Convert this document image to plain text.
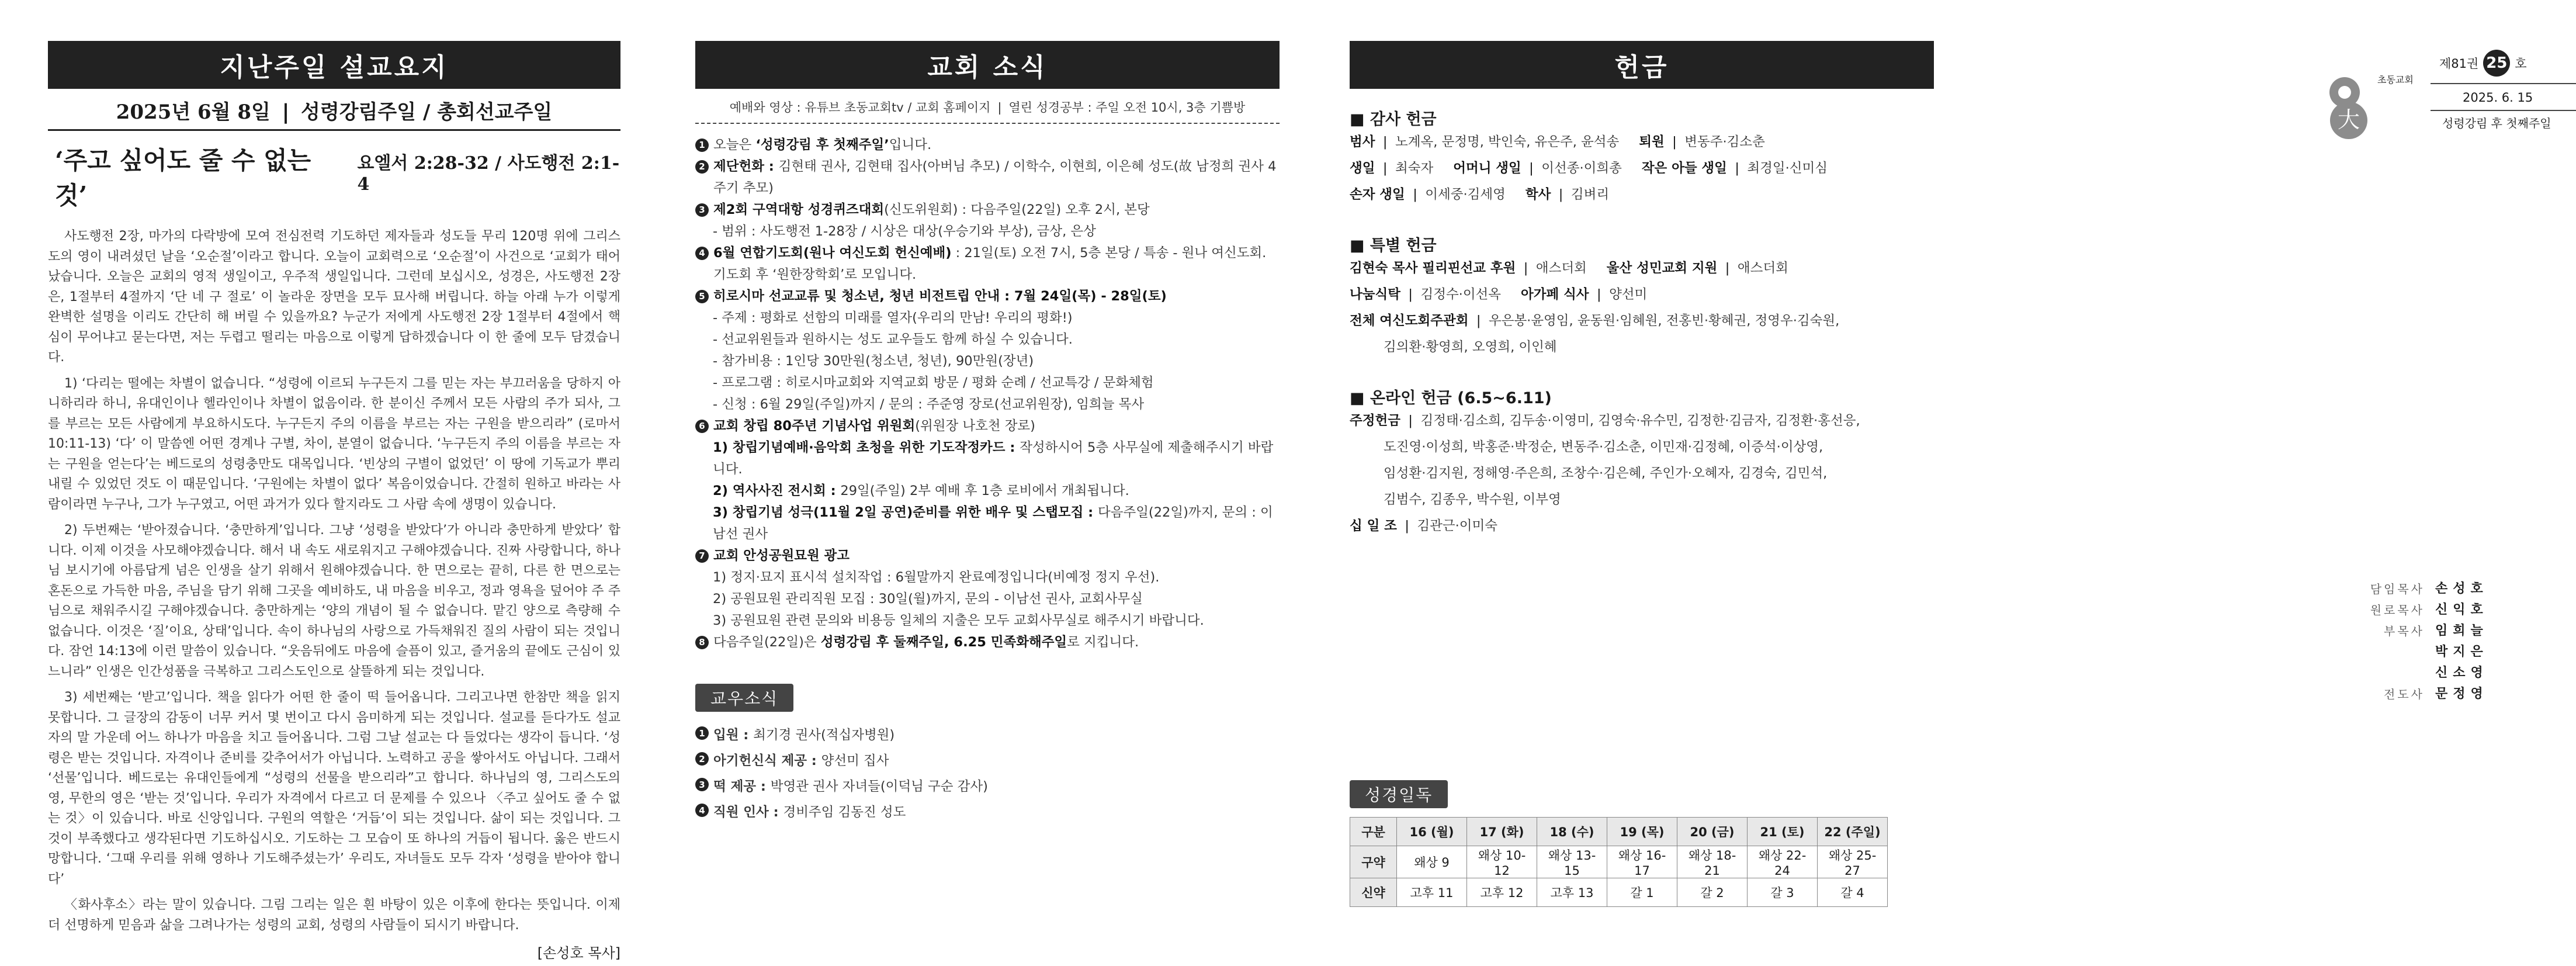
지난주일 설교요지
2025년 6월 8일 ❘ 성령강림주일 / 총회선교주일
‘주고 싶어도 줄 수 없는 것’
요엘서 2:28-32 / 사도행전 2:1-4

사도행전 2장, 마가의 다락방에 모여 전심전력 기도하던 제자들과 성도들 무리 120명 위에 그리스도의 영이 내려셨던 날을 ‘오순절’이라고 합니다. 오늘이 교회력으로 ‘오순절’이 사건으로 ‘교회가 태어났습니다. 오늘은 교회의 영적 생일이고, 우주적 생일입니다. 그런데 보십시오, 성경은, 사도행전 2장은, 1절부터 4절까지 ‘단 네 구 절로’ 이 놀라운 장면을 모두 묘사해 버립니다. 하늘 아래 누가 이렇게 완벽한 설명을 이리도 간단히 해 버릴 수 있을까요? 누군가 저에게 사도행전 2장 1절부터 4절에서 핵심이 무어냐고 묻는다면, 저는 두렵고 떨리는 마음으로 이렇게 답하겠습니다 이 한 줄에 모두 담겼습니다.

1) ‘다리는 떨에는 차별이 없습니다. “성령에 이르되 누구든지 그를 믿는 자는 부끄러움을 당하지 아니하리라 하니, 유대인이나 헬라인이나 차별이 없음이라. 한 분이신 주께서 모든 사람의 주가 되사, 그를 부르는 모든 사람에게 부요하시도다. 누구든지 주의 이름을 부르는 자는 구원을 받으리라” (로마서 10:11-13) ‘다’ 이 말씀엔 어떤 경계나 구별, 차이, 분열이 없습니다. ‘누구든지 주의 이름을 부르는 자는 구원을 얻는다’는 베드로의 성령충만도 대목입니다. ‘빈상의 구별이 없었던’ 이 땅에 기독교가 뿌리 내릴 수 있었던 것도 이 때문입니다. ‘구원에는 차별이 없다’ 복음이었습니다. 간절히 원하고 바라는 사람이라면 누구나, 그가 누구였고, 어떤 과거가 있다 할지라도 그 사람 속에 생명이 있습니다.

2) 두번째는 ‘받아졌습니다. ‘충만하게’입니다. 그냥 ‘성령을 받았다’가 아니라 충만하게 받았다’ 합니다. 이제 이것을 사모해야겠습니다. 해서 내 속도 새로워지고 구해야겠습니다. 진짜 사랑합니다, 하나님 보시기에 아름답게 넘은 인생을 살기 위해서 원해야겠습니다. 한 면으로는 끝히, 다른 한 면으로는 혼돈으로 가득한 마음, 주님을 담기 위해 그곳을 예비하도, 내 마음을 비우고, 정과 영욕을 덮어야 주 주님으로 채워주시길 구해야겠습니다. 충만하게는 ‘양의 개념이 될 수 없습니다. 맡긴 양으로 측량해 수 없습니다. 이것은 ‘질’이요, 상태’입니다. 속이 하나님의 사랑으로 가득채워진 질의 사람이 되는 것입니다. 잠언 14:13에 이런 말씀이 있습니다. “웃음뒤에도 마음에 슬픔이 있고, 즐거움의 끝에도 근심이 있느니라” 인생은 인간성품을 극복하고 그리스도인으로 살뜰하게 되는 것입니다.

3) 세번째는 ‘받고’입니다. 책을 읽다가 어떤 한 줄이 떡 들어옵니다. 그리고나면 한참만 책을 읽지 못합니다. 그 글장의 감동이 너무 커서 몇 번이고 다시 음미하게 되는 것입니다. 설교를 듣다가도 설교자의 말 가운데 어느 하나가 마음을 치고 들어옵니다. 그럼 그날 설교는 다 들었다는 생각이 듭니다. ‘성령은 받는 것입니다. 자격이나 준비를 갖추어서가 아닙니다. 노력하고 공을 쌓아서도 아닙니다. 그래서 ‘선물’입니다. 베드로는 유대인들에게 “성령의 선물을 받으리라”고 합니다. 하나님의 영, 그리스도의 영, 무한의 영은 ‘받는 것’입니다. 우리가 자격에서 다르고 더 문제를 수 있으나 〈주고 싶어도 줄 수 없는 것〉이 있습니다. 바로 신앙입니다. 구원의 역할은 ‘거듭’이 되는 것입니다. 삶이 되는 것입니다. 그것이 부족했다고 생각된다면 기도하십시오. 기도하는 그 모습이 또 하나의 거듭이 됩니다. 옳은 반드시 망합니다. ‘그때 우리를 위해 영하나 기도해주셨는가’ 우리도, 자녀들도 모두 각자 ‘성령을 받아야 합니다’

〈화사후소〉라는 말이 있습니다. 그림 그리는 일은 흰 바탕이 있은 이후에 한다는 뜻입니다. 이제 더 선명하게 믿음과 삶을 그려나가는 성령의 교회, 성령의 사람들이 되시기 바랍니다.

[손성호 목사]
교회 소식
예배와 영상 : 유튜브 초동교회tv / 교회 홈페이지 ❘ 열린 성경공부 : 주일 오전 10시, 3층 기쁨방
1 오늘은 ‘성령강림 후 첫째주일’입니다.
2 제단헌화 : 김현태 권사, 김현태 집사(아버님 추모) / 이학수, 이현희, 이은혜 성도(故 남정희 권사 4주기 추모)
3 제2회 구역대항 성경퀴즈대회(신도위원회) : 다음주일(22일) 오후 2시, 본당
- 범위 : 사도행전 1-28장 / 시상은 대상(우승기와 부상), 금상, 은상
4 6월 연합기도회(원나 여신도회 헌신예배) : 21일(토) 오전 7시, 5층 본당 / 특송 - 원나 여신도회. 기도회 후 ‘원한장학회’로 모입니다.
5 히로시마 선교교류 및 청소년, 청년 비전트립 안내 : 7월 24일(목) - 28일(토)
- 주제 : 평화로 선함의 미래를 열자(우리의 만남! 우리의 평화!)
- 선교위원들과 원하시는 성도 교우들도 함께 하실 수 있습니다.
- 참가비용 : 1인당 30만원(청소년, 청년), 90만원(장년)
- 프로그램 : 히로시마교회와 지역교회 방문 / 평화 순례 / 선교특강 / 문화체험
- 신청 : 6월 29일(주일)까지 / 문의 : 주준영 장로(선교위원장), 임희늘 목사
6 교회 창립 80주년 기념사업 위원회(위원장 나호천 장로)
1) 창립기념예배·음악회 초청을 위한 기도작정카드 : 작성하시어 5층 사무실에 제출해주시기 바랍니다.
2) 역사사진 전시회 : 29일(주일) 2부 예배 후 1층 로비에서 개최됩니다.
3) 창립기념 성극(11월 2일 공연)준비를 위한 배우 및 스탭모집 : 다음주일(22일)까지, 문의 : 이남선 권사
7 교회 안성공원묘원 광고
1) 정지·묘지 표시석 설치작업 : 6월말까지 완료예정입니다(비예정 정지 우선).
2) 공원묘원 관리직원 모집 : 30일(월)까지, 문의 - 이남선 권사, 교회사무실
3) 공원묘원 관련 문의와 비용등 일체의 지출은 모두 교회사무실로 해주시기 바랍니다.
8 다음주일(22일)은 성령강림 후 둘째주일, 6.25 민족화해주일로 지킵니다.
교우소식
1 입원 : 최기경 권사(적십자병원)
2 아기헌신식 제공 : 양선미 집사
3 떡 제공 : 박영관 권사 자녀들(이덕님 구순 감사)
4 직원 인사 : 경비주임 김동진 성도
헌금
■ 감사 헌금
범사 ❘ 노계옥, 문정명, 박인숙, 유은주, 윤석송 퇴원 ❘ 변동주·김소춘
생일 ❘ 최숙자 어머니 생일 ❘ 이선종·이희총 작은 아들 생일 ❘ 최경일·신미심
손자 생일 ❘ 이세중·김세영 학사 ❘ 김벼리
■ 특별 헌금
김현숙 목사 필리핀선교 후원 ❘ 애스더회 울산 성민교회 지원 ❘ 애스더회
나눔식탁 ❘ 김정수·이선옥 아가페 식사 ❘ 양선미
전체 여신도회주관회 ❘ 우은봉·윤영임, 윤동원·임혜원, 전홍빈·황혜권, 정영우·김숙원,
김의환·황영희, 오영희, 이인혜
■ 온라인 헌금 (6.5~6.11)
주정헌금 ❘ 김정태·김소희, 김두송·이영미, 김영숙·유수민, 김정한·김금자, 김정환·홍선응,
도진영·이성희, 박홍준·박정순, 변동주·김소춘, 이민재·김정혜, 이증석·이상영,
임성환·김지원, 정해영·주은희, 조창수·김은혜, 주인가·오혜자, 김경숙, 김민석,
김범수, 김종우, 박수원, 이부영
십 일 조 ❘ 김관근·이미숙
성경일독
구분	16 (월)	17 (화)	18 (수)	19 (목)	20 (금)	21 (토)	22 (주일)
구약	왜상 9	왜상 10-12	왜상 13-15	왜상 16-17	왜상 18-21	왜상 22-24	왜상 25-27
신약	고후 11	고후 12	고후 13	갈 1	갈 2	갈 3	갈 4
大
초동교회
제81권 25 호
2025. 6. 15
성령강림 후 첫째주일
담임목사 손성호
원로목사 신익호
부목사 임희늘
박지은
신소영
전도사 문정영
